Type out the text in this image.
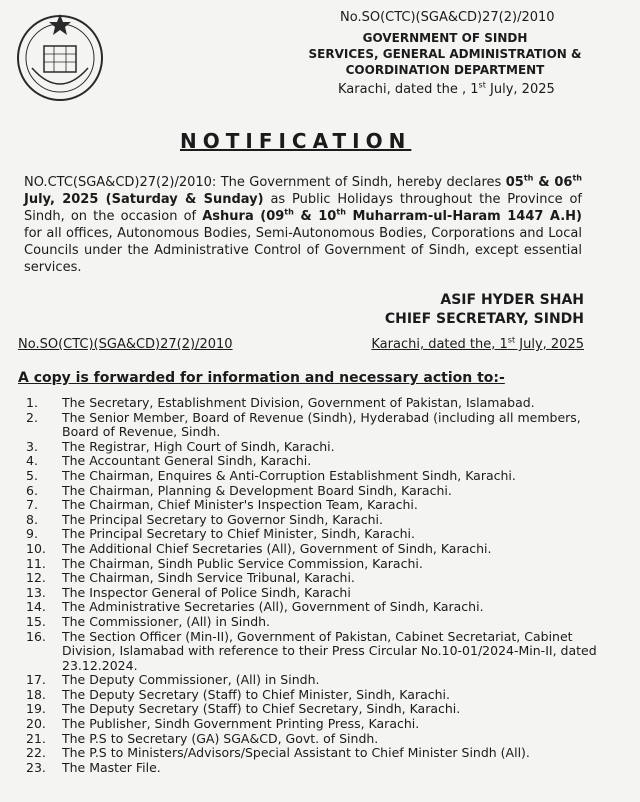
No.SO(CTC)(SGA&CD)27(2)/2010
GOVERNMENT OF SINDH
SERVICES, GENERAL ADMINISTRATION &
COORDINATION DEPARTMENT
Karachi, dated the , 1st July, 2025
NOTIFICATION
NO.CTC(SGA&CD)27(2)/2010: The Government of Sindh, hereby declares 05th & 06th July, 2025 (Saturday & Sunday) as Public Holidays throughout the Province of Sindh, on the occasion of Ashura (09th & 10th Muharram-ul-Haram 1447 A.H) for all offices, Autonomous Bodies, Semi-Autonomous Bodies, Corporations and Local Councils under the Administrative Control of Government of Sindh, except essential services.
ASIF HYDER SHAH
CHIEF SECRETARY, SINDH
No.SO(CTC)(SGA&CD)27(2)/2010	Karachi, dated the, 1st July, 2025
A copy is forwarded for information and necessary action to:-
1.	The Secretary, Establishment Division, Government of Pakistan, Islamabad.
2.	The Senior Member, Board of Revenue (Sindh), Hyderabad (including all members, Board of Revenue, Sindh.
3.	The Registrar, High Court of Sindh, Karachi.
4.	The Accountant General Sindh, Karachi.
5.	The Chairman, Enquires & Anti-Corruption Establishment Sindh, Karachi.
6.	The Chairman, Planning & Development Board Sindh, Karachi.
7.	The Chairman, Chief Minister's Inspection Team, Karachi.
8.	The Principal Secretary to Governor Sindh, Karachi.
9.	The Principal Secretary to Chief Minister, Sindh, Karachi.
10.	The Additional Chief Secretaries (All), Government of Sindh, Karachi.
11.	The Chairman, Sindh Public Service Commission, Karachi.
12.	The Chairman, Sindh Service Tribunal, Karachi.
13.	The Inspector General of Police Sindh, Karachi
14.	The Administrative Secretaries (All), Government of Sindh, Karachi.
15.	The Commissioner, (All) in Sindh.
16.	The Section Officer (Min-II), Government of Pakistan, Cabinet Secretariat, Cabinet Division, Islamabad with reference to their Press Circular No.10-01/2024-Min-II, dated 23.12.2024.
17.	The Deputy Commissioner, (All) in Sindh.
18.	The Deputy Secretary (Staff) to Chief Minister, Sindh, Karachi.
19.	The Deputy Secretary (Staff) to Chief Secretary, Sindh, Karachi.
20.	The Publisher, Sindh Government Printing Press, Karachi.
21.	The P.S to Secretary (GA) SGA&CD, Govt. of Sindh.
22.	The P.S to Ministers/Advisors/Special Assistant to Chief Minister Sindh (All).
23.	The Master File.
